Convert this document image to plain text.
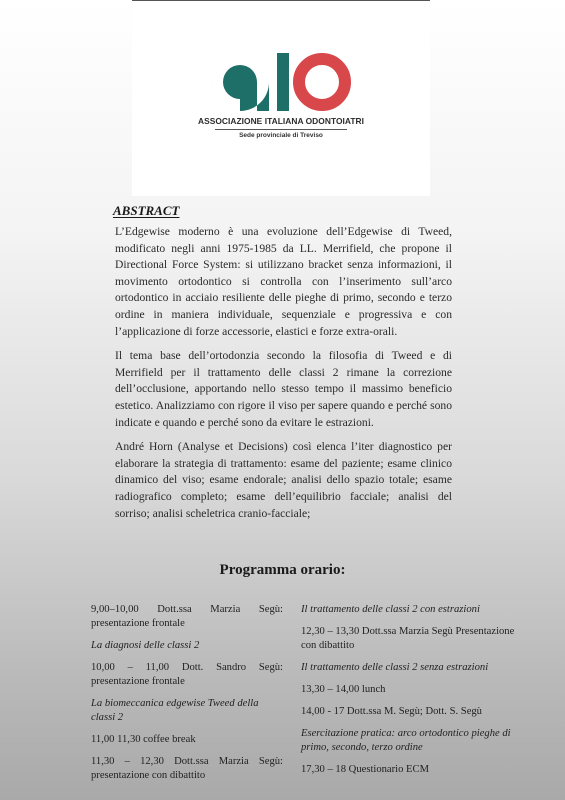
ASSOCIAZIONE ITALIANA ODONTOIATRI
Sede provinciale di Treviso
ABSTRACT

L’Edgewise moderno è una evoluzione dell’Edgewise di Tweed, modificato negli anni 1975-1985 da LL. Merrifield, che propone il Directional Force System: si utilizzano bracket senza informazioni, il movimento ortodontico si controlla con l’inserimento sull’arco ortodontico in acciaio resiliente delle pieghe di primo, secondo e terzo ordine in maniera individuale, sequenziale e progressiva e con l’applicazione di forze accessorie, elastici e forze extra-orali.

Il tema base dell’ortodonzia secondo la filosofia di Tweed e di Merrifield per il trattamento delle classi 2 rimane la correzione dell’occlusione, apportando nello stesso tempo il massimo beneficio estetico. Analizziamo con rigore il viso per sapere quando e perché sono indicate e quando e perché sono da evitare le estrazioni.

André Horn (Analyse et Decisions) così elenca l’iter diagnostico per elaborare la strategia di trattamento: esame del paziente; esame clinico dinamico del viso; esame endorale; analisi dello spazio totale; esame radiografico completo; esame dell’equilibrio facciale; analisi del sorriso; analisi scheletrica cranio-facciale;

Programma orario:
9,00–10,00 Dott.ssa Marzia Segù: presentazione frontale
La diagnosi delle classi 2
10,00 – 11,00 Dott. Sandro Segù: presentazione frontale
La biomeccanica edgewise Tweed della classi 2
11,00 11,30 coffee break
11,30 – 12,30 Dott.ssa Marzia Segù: presentazione con dibattito
Il trattamento delle classi 2 con estrazioni
12,30 – 13,30 Dott.ssa Marzia Segù Presentazione con dibattito
Il trattamento delle classi 2 senza estrazioni
13,30 – 14,00 lunch
14,00 - 17 Dott.ssa M. Segù; Dott. S. Segù
Esercitazione pratica: arco ortodontico pieghe di primo, secondo, terzo ordine
17,30 – 18 Questionario ECM
